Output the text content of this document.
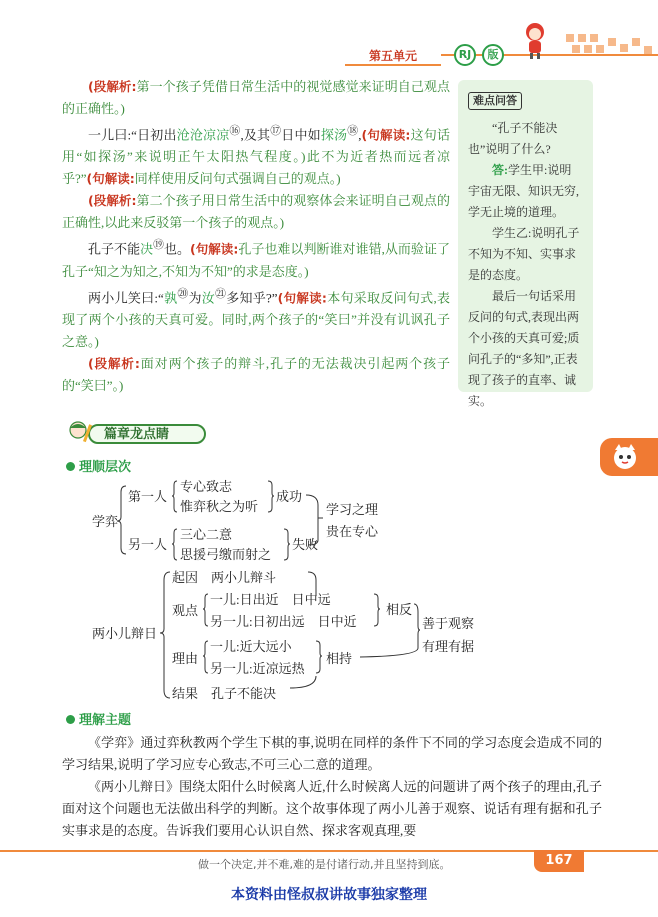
第五单元	RJ	版

(段解析:第一个孩子凭借日常生活中的视觉感觉来证明自己观点的正确性。)

一儿曰:“日初出沧沧凉凉⑯,及其⑰日中如探汤⑱,(句解读:这句话用“如探汤”来说明正午太阳热气程度。)此不为近者热而远者凉乎?”(句解读:同样使用反问句式强调自己的观点。)

(段解析:第二个孩子用日常生活中的观察体会来证明自己观点的正确性,以此来反驳第一个孩子的观点。)

孔子不能决⑲也。(句解读:孔子也难以判断谁对谁错,从而验证了孔子“知之为知之,不知为不知”的求是态度。)

两小儿笑曰:“孰⑳为汝$^㉑$多知乎?”(句解读:本句采取反问句式,表现了两个小孩的天真可爱。同时,两个孩子的“笑曰”并没有讥讽孔子之意。)

(段解析:面对两个孩子的辩斗,孔子的无法裁决引起两个孩子的“笑曰”。)

难点问答

“孔子不能决也”说明了什么?

答:学生甲:说明宇宙无限、知识无穷,学无止境的道理。

学生乙:说明孔子不知为不知、实事求是的态度。

最后一句话采用反问的句式,表现出两个小孩的天真可爱;质问孔子的“多知”,正表现了孩子的直率、诚实。

篇章龙点睛
理顺层次
学弈
第一人
专心致志
惟弈秋之为听
成功
另一人
三心二意
思援弓缴而射之
失败
学习之理
贵在专心
两小儿辩日
起因　两小儿辩斗
观点
一儿:日出近　日中远
另一儿:日初出远　日中近
相反
理由
一儿:近大远小
另一儿:近凉远热
相持
结果　孔子不能决
善于观察
有理有据
理解主题

《学弈》通过弈秋教两个学生下棋的事,说明在同样的条件下不同的学习态度会造成不同的学习结果,说明了学习应专心致志,不可三心二意的道理。

《两小儿辩日》围绕太阳什么时候离人近,什么时候离人远的问题讲了两个孩子的理由,孔子面对这个问题也无法做出科学的判断。这个故事体现了两小儿善于观察、说话有理有据和孔子实事求是的态度。告诉我们要用心认识自然、探求客观真理,要

做一个决定,并不难,难的是付诸行动,并且坚持到底。	167
本资料由怪叔叔讲故事独家整理
